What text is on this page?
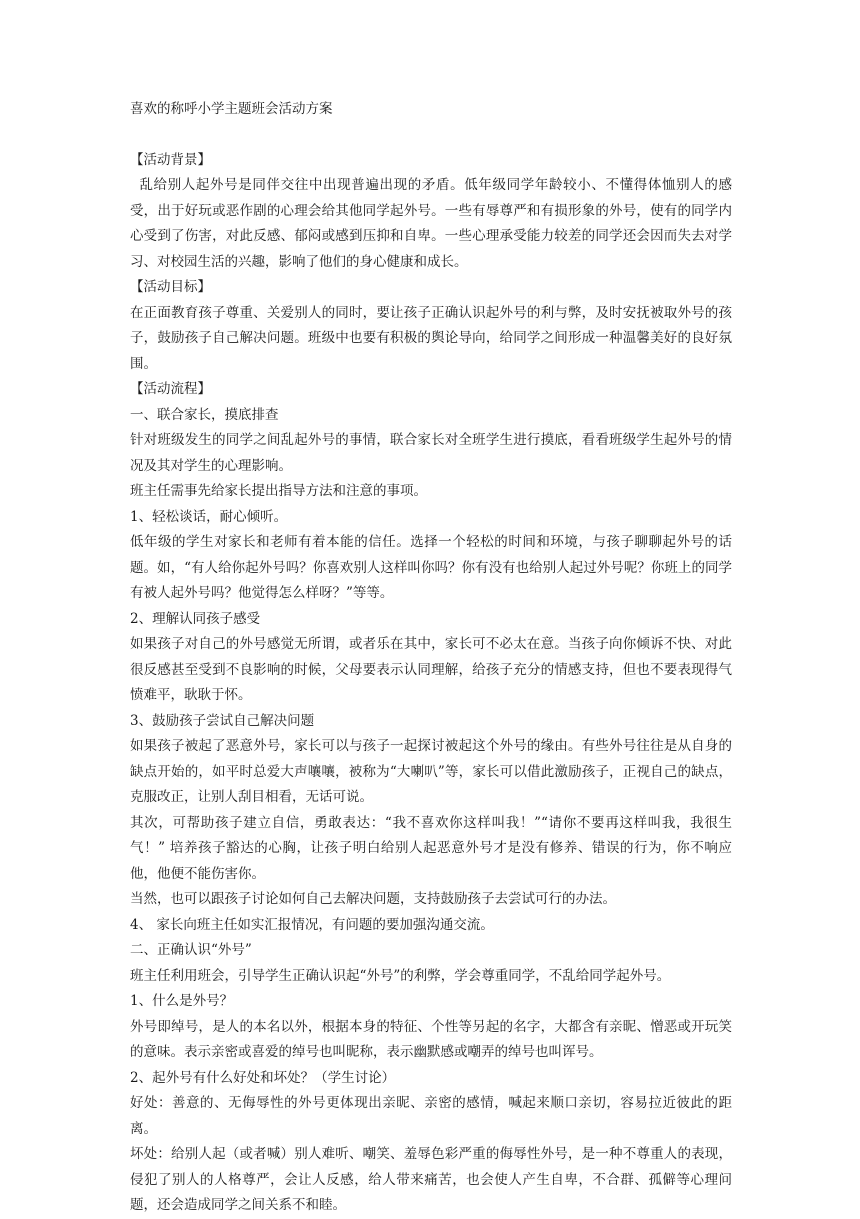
喜欢的称呼小学主题班会活动方案

【活动背景】

乱给别人起外号是同伴交往中出现普遍出现的矛盾。低年级同学年龄较小、不懂得体恤别人的感受，出于好玩或恶作剧的心理会给其他同学起外号。一些有辱尊严和有损形象的外号，使有的同学内心受到了伤害，对此反感、郁闷或感到压抑和自卑。一些心理承受能力较差的同学还会因而失去对学习、对校园生活的兴趣，影响了他们的身心健康和成长。

【活动目标】

在正面教育孩子尊重、关爱别人的同时，要让孩子正确认识起外号的利与弊，及时安抚被取外号的孩子，鼓励孩子自己解决问题。班级中也要有积极的舆论导向，给同学之间形成一种温馨美好的良好氛围。

【活动流程】

一、联合家长，摸底排查

针对班级发生的同学之间乱起外号的事情，联合家长对全班学生进行摸底，看看班级学生起外号的情况及其对学生的心理影响。

班主任需事先给家长提出指导方法和注意的事项。

1、轻松谈话，耐心倾听。

低年级的学生对家长和老师有着本能的信任。选择一个轻松的时间和环境，与孩子聊聊起外号的话题。如，“有人给你起外号吗？你喜欢别人这样叫你吗？你有没有也给别人起过外号呢？你班上的同学有被人起外号吗？他觉得怎么样呀？”等等。

2、理解认同孩子感受

如果孩子对自己的外号感觉无所谓，或者乐在其中，家长可不必太在意。当孩子向你倾诉不快、对此很反感甚至受到不良影响的时候，父母要表示认同理解，给孩子充分的情感支持，但也不要表现得气愤难平，耿耿于怀。

3、鼓励孩子尝试自己解决问题

如果孩子被起了恶意外号，家长可以与孩子一起探讨被起这个外号的缘由。有些外号往往是从自身的缺点开始的，如平时总爱大声嚷嚷，被称为“大喇叭”等，家长可以借此激励孩子，正视自己的缺点，克服改正，让别人刮目相看，无话可说。

其次，可帮助孩子建立自信，勇敢表达：“我不喜欢你这样叫我！”“请你不要再这样叫我，我很生气！” 培养孩子豁达的心胸，让孩子明白给别人起恶意外号才是没有修养、错误的行为，你不响应他，他便不能伤害你。

当然，也可以跟孩子讨论如何自己去解决问题，支持鼓励孩子去尝试可行的办法。

4、 家长向班主任如实汇报情况，有问题的要加强沟通交流。

二、正确认识“外号”

班主任利用班会，引导学生正确认识起“外号”的利弊，学会尊重同学，不乱给同学起外号。

1、什么是外号？

外号即绰号，是人的本名以外，根据本身的特征、个性等另起的名字，大都含有亲昵、憎恶或开玩笑的意味。表示亲密或喜爱的绰号也叫昵称，表示幽默感或嘲弄的绰号也叫诨号。

2、起外号有什么好处和坏处？（学生讨论）

好处：善意的、无侮辱性的外号更体现出亲昵、亲密的感情，喊起来顺口亲切，容易拉近彼此的距离。

坏处：给别人起（或者喊）别人难听、嘲笑、羞辱色彩严重的侮辱性外号，是一种不尊重人的表现，侵犯了别人的人格尊严，会让人反感，给人带来痛苦，也会使人产生自卑，不合群、孤僻等心理问题，还会造成同学之间关系不和睦。
